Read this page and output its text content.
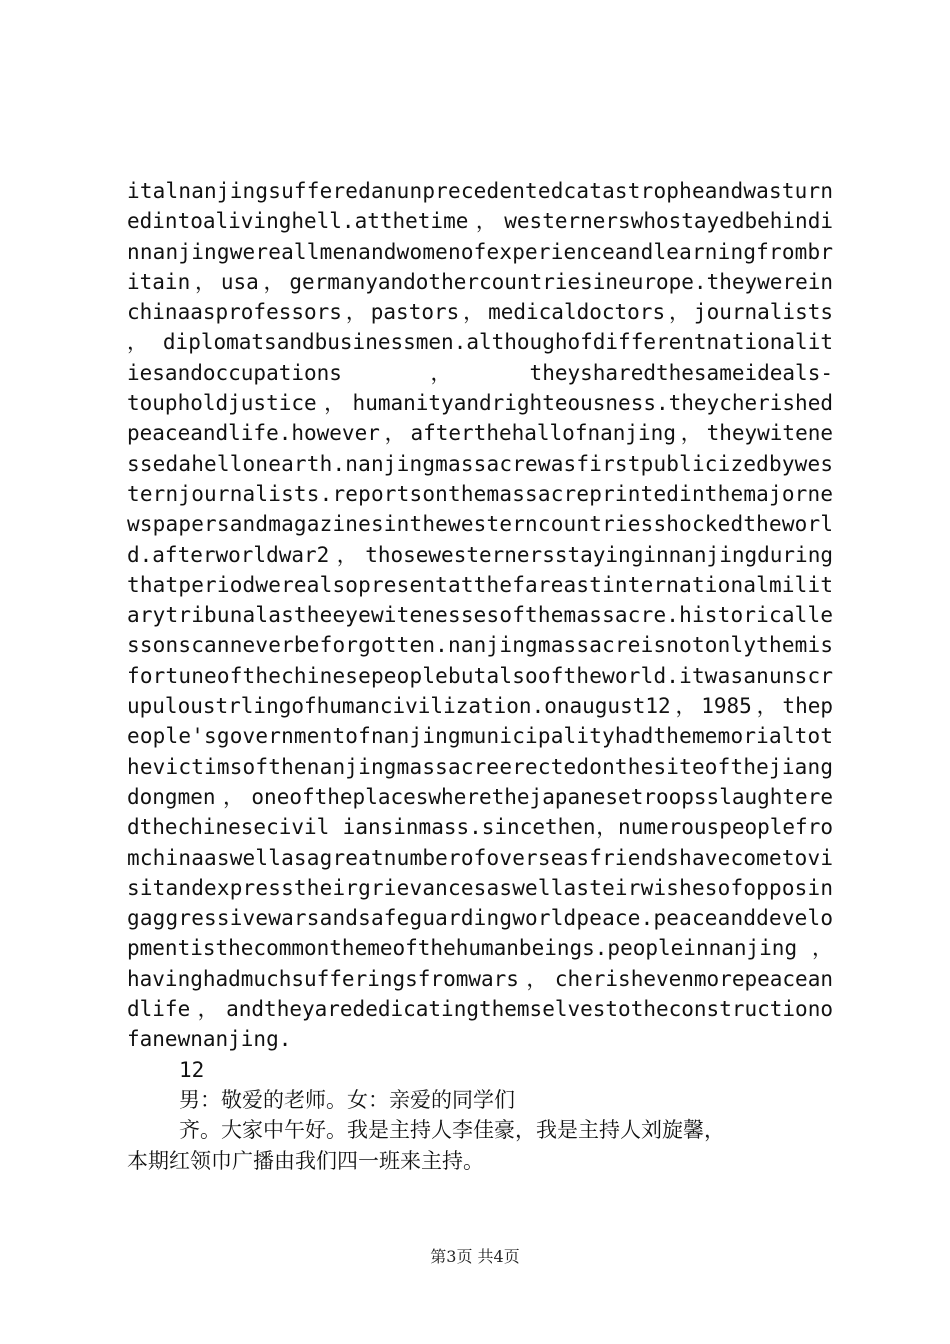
italnanjingsufferedanunprecedentedcatastropheandwasturn
edintoalivinghell.atthetime，westernerswhostayedbehindi
nnanjingwereallmenandwomenofexperienceandlearningfrombr
itain，usa，germanyandothercountriesineurope.theywerein
chinaasprofessors，pastors，medicaldoctors，journalists
，diplomatsandbusinessmen.althoughofdifferentnationalit
iesandoccupations　　，　　theysharedthesameideals-
toupholdjustice，humanityandrighteousness.theycherished
peaceandlife.however，afterthehallofnanjing，theywitene
ssedahellonearth.nanjingmassacrewasfirstpublicizedbywes
ternjournalists.reportsonthemassacreprintedinthemajorne
wspapersandmagazinesinthewesterncountriesshockedtheworl
d.afterworldwar2，thosewesternersstayinginnanjingduring
thatperiodwerealsopresentatthefareastinternationalmilit
arytribunalastheeyewitenessesofthemassacre.historicalle
ssonscanneverbeforgotten.nanjingmassacreisnotonlythemis
fortuneofthechinesepeoplebutalsooftheworld.itwasanunscr
upuloustrlingofhumancivilization.onaugust12，1985，thep
eople'sgovernmentofnanjingmunicipalityhadthememorialtot
hevictimsofthenanjingmassacreerectedonthesiteofthejiang
dongmen，oneoftheplaceswherethejapanesetroopsslaughtere
dthechinesecivil iansinmass.sincethen，numerouspeoplefro
mchinaaswellasagreatnumberofoverseasfriendshavecometovi
sitandexpresstheirgrievancesaswellasteirwishesofopposin
gaggressivewarsandsafeguardingworldpeace.peaceanddevelo
pmentisthecommonthemeofthehumanbeings.peopleinnanjing，
havinghadmuchsufferingsfromwars，cherishevenmorepeacean
dlife，andtheyarededicatingthemselvestotheconstructiono
fanewnanjing.
12
男：敬爱的老师。女：亲爱的同学们
齐。大家中午好。我是主持人李佳豪，我是主持人刘旋馨，
本期红领巾广播由我们四一班来主持。
第3页 共4页
